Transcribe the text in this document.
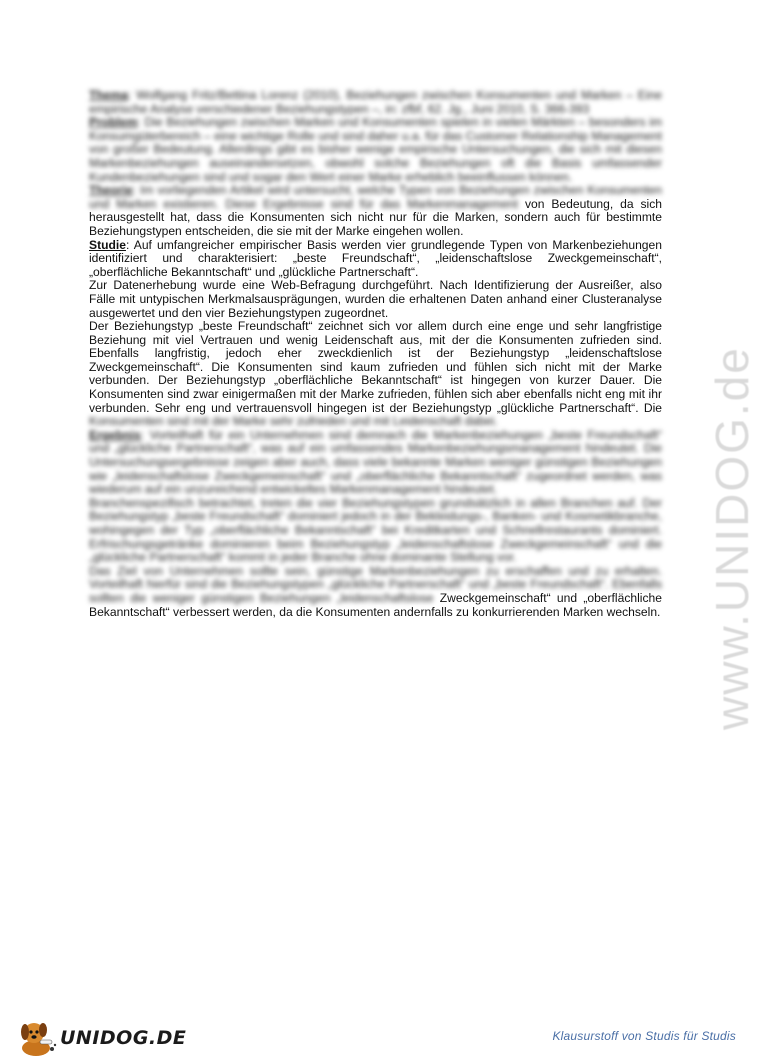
Thema: Wolfgang Fritz/Bettina Lorenz (2010), Beziehungen zwischen Konsumenten und Marken – Eine empirische Analyse verschiedener Beziehungstypen –, in: zfbf, 62. Jg., Juni 2010, S. 366-393

Problem: Die Beziehungen zwischen Marken und Konsumenten spielen in vielen Märkten – besonders im Konsumgüterbereich – eine wichtige Rolle und sind daher u.a. für das Customer Relationship Management von großer Bedeutung. Allerdings gibt es bisher wenige empirische Untersuchungen, die sich mit diesen Markenbeziehungen auseinandersetzen, obwohl solche Beziehungen oft die Basis umfassender Kundenbeziehungen sind und sogar den Wert einer Marke erheblich beeinflussen können.

Theorie: Im vorliegenden Artikel wird untersucht, welche Typen von Beziehungen zwischen Konsumenten und Marken existieren. Diese Ergebnisse sind für das Markenmanagement von Bedeutung, da sich herausgestellt hat, dass die Konsumenten sich nicht nur für die Marken, sondern auch für bestimmte Beziehungstypen entscheiden, die sie mit der Marke eingehen wollen.

Studie: Auf umfangreicher empirischer Basis werden vier grundlegende Typen von Markenbeziehungen identifiziert und charakterisiert: „beste Freundschaft“, „leidenschaftslose Zweckgemeinschaft“, „oberflächliche Bekanntschaft“ und „glückliche Partnerschaft“.

Zur Datenerhebung wurde eine Web-Befragung durchgeführt. Nach Identifizierung der Ausreißer, also Fälle mit untypischen Merkmalsausprägungen, wurden die erhaltenen Daten anhand einer Clusteranalyse ausgewertet und den vier Beziehungstypen zugeordnet.

Der Beziehungstyp „beste Freundschaft“ zeichnet sich vor allem durch eine enge und sehr langfristige Beziehung mit viel Vertrauen und wenig Leidenschaft aus, mit der die Konsumenten zufrieden sind. Ebenfalls langfristig, jedoch eher zweckdienlich ist der Beziehungstyp „leidenschaftslose Zweckgemeinschaft“. Die Konsumenten sind kaum zufrieden und fühlen sich nicht mit der Marke verbunden. Der Beziehungstyp „oberflächliche Bekanntschaft“ ist hingegen von kurzer Dauer. Die Konsumenten sind zwar einigermaßen mit der Marke zufrieden, fühlen sich aber ebenfalls nicht eng mit ihr verbunden. Sehr eng und vertrauensvoll hingegen ist der Beziehungstyp „glückliche Partnerschaft“. Die Konsumenten sind mit der Marke sehr zufrieden und mit Leidenschaft dabei.

Ergebnis: Vorteilhaft für ein Unternehmen sind demnach die Markenbeziehungen „beste Freundschaft“ und „glückliche Partnerschaft“, was auf ein umfassendes Markenbeziehungsmanagement hindeutet. Die Untersuchungsergebnisse zeigen aber auch, dass viele bekannte Marken weniger günstigen Beziehungen wie „leidenschaftslose Zweckgemeinschaft“ und „oberflächliche Bekanntschaft“ zugeordnet werden, was wiederum auf ein unzureichend entwickeltes Markenmanagement hindeutet.

Branchenspezifisch betrachtet, treten die vier Beziehungstypen grundsätzlich in allen Branchen auf. Der Beziehungstyp „beste Freundschaft“ dominiert jedoch in der Bekleidungs-, Banken- und Kosmetikbranche, wohingegen der Typ „oberflächliche Bekanntschaft“ bei Kreditkarten und Schnellrestaurants dominiert. Erfrischungsgetränke dominieren beim Beziehungstyp „leidenschaftslose Zweckgemeinschaft“ und die „glückliche Partnerschaft“ kommt in jeder Branche ohne dominante Stellung vor.

Das Ziel von Unternehmen sollte sein, günstige Markenbeziehungen zu erschaffen und zu erhalten. Vorteilhaft hierfür sind die Beziehungstypen „glückliche Partnerschaft“ und „beste Freundschaft“. Ebenfalls sollten die weniger günstigen Beziehungen „leidenschaftslose Zweckgemeinschaft“ und „oberflächliche Bekanntschaft“ verbessert werden, da die Konsumenten andernfalls zu konkurrierenden Marken wechseln. www.UNIDOG.de
UNIDOG.DE	Klausurstoff von Studis für Studis
